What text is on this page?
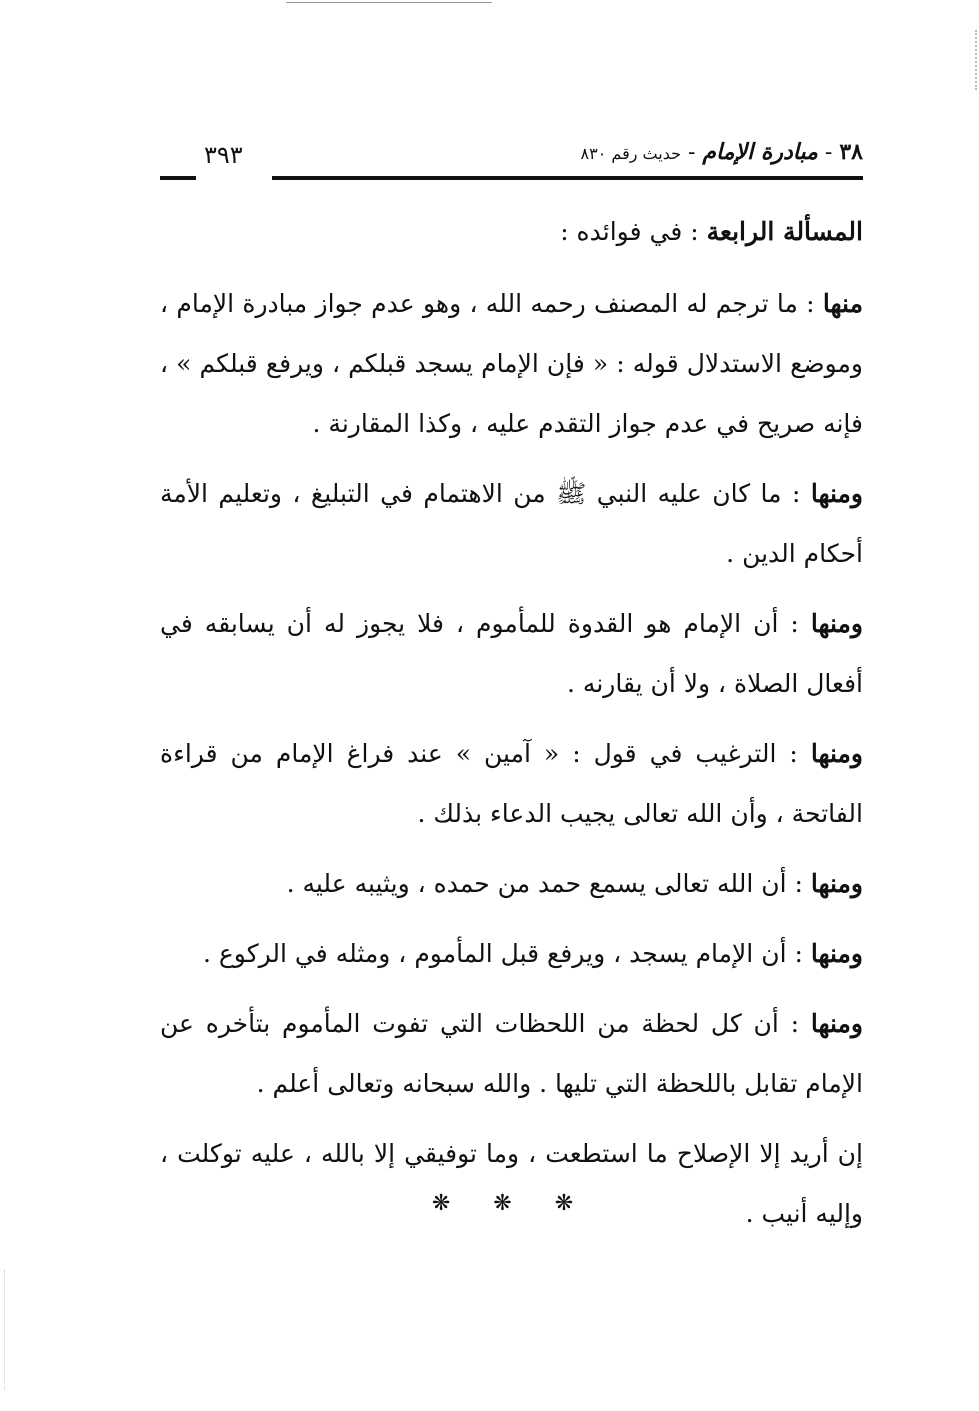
٣٨ - مبادرة الإمام - حديث رقم ٨٣٠
٣٩٣

المسألة الرابعة : في فوائده :

منها : ما ترجم له المصنف رحمه الله ، وهو عدم جواز مبادرة الإمام ، وموضع الاستدلال قوله : « فإن الإمام يسجد قبلكم ، ويرفع قبلكم » ، فإنه صريح في عدم جواز التقدم عليه ، وكذا المقارنة .

ومنها : ما كان عليه النبي ﷺ من الاهتمام في التبليغ ، وتعليم الأمة أحكام الدين .

ومنها : أن الإمام هو القدوة للمأموم ، فلا يجوز له أن يسابقه في أفعال الصلاة ، ولا أن يقارنه .

ومنها : الترغيب في قول : « آمين » عند فراغ الإمام من قراءة الفاتحة ، وأن الله تعالى يجيب الدعاء بذلك .

ومنها : أن الله تعالى يسمع حمد من حمده ، ويثيبه عليه .

ومنها : أن الإمام يسجد ، ويرفع قبل المأموم ، ومثله في الركوع .

ومنها : أن كل لحظة من اللحظات التي تفوت المأموم بتأخره عن الإمام تقابل باللحظة التي تليها . والله سبحانه وتعالى أعلم .

إن أريد إلا الإصلاح ما استطعت ، وما توفيقي إلا بالله ، عليه توكلت ، وإليه أنيب .

❋ ❋ ❋
